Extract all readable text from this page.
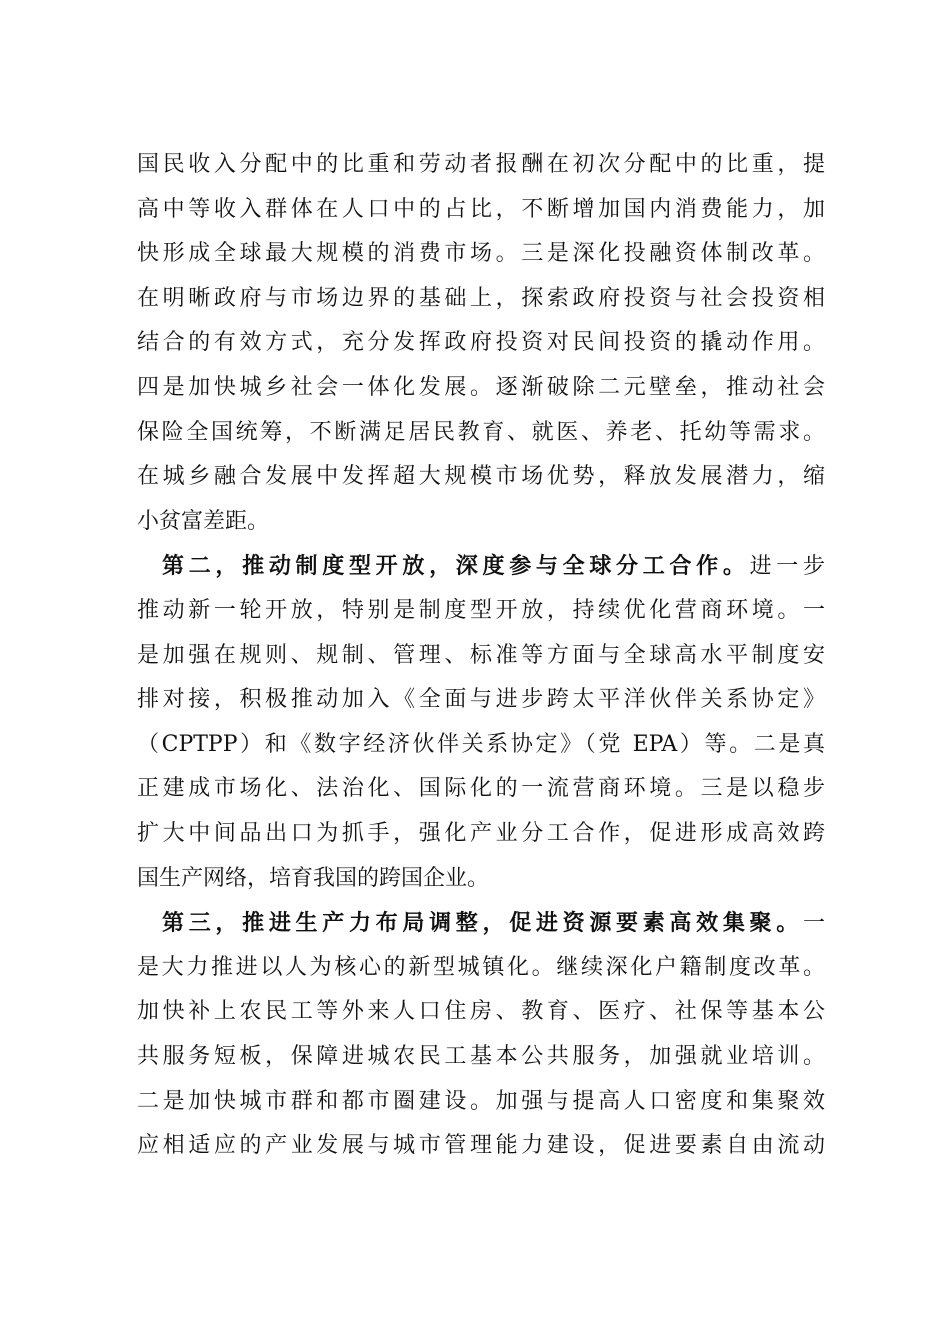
国民收入分配中的比重和劳动者报酬在初次分配中的比重，提
高中等收入群体在人口中的占比，不断增加国内消费能力，加
快形成全球最大规模的消费市场。三是深化投融资体制改革。
在明晰政府与市场边界的基础上，探索政府投资与社会投资相
结合的有效方式，充分发挥政府投资对民间投资的撬动作用。
四是加快城乡社会一体化发展。逐渐破除二元壁垒，推动社会
保险全国统筹，不断满足居民教育、就医、养老、托幼等需求。
在城乡融合发展中发挥超大规模市场优势，释放发展潜力，缩
小贫富差距。
第二，推动制度型开放，深度参与全球分工合作。进一步
推动新一轮开放，特别是制度型开放，持续优化营商环境。一
是加强在规则、规制、管理、标准等方面与全球高水平制度安
排对接，积极推动加入《全面与进步跨太平洋伙伴关系协定》
（CPTPP）和《数字经济伙伴关系协定》（党 EPA）等。二是真
正建成市场化、法治化、国际化的一流营商环境。三是以稳步
扩大中间品出口为抓手，强化产业分工合作，促进形成高效跨
国生产网络，培育我国的跨国企业。
第三，推进生产力布局调整，促进资源要素高效集聚。一
是大力推进以人为核心的新型城镇化。继续深化户籍制度改革。
加快补上农民工等外来人口住房、教育、医疗、社保等基本公
共服务短板，保障进城农民工基本公共服务，加强就业培训。
二是加快城市群和都市圈建设。加强与提高人口密度和集聚效
应相适应的产业发展与城市管理能力建设，促进要素自由流动
